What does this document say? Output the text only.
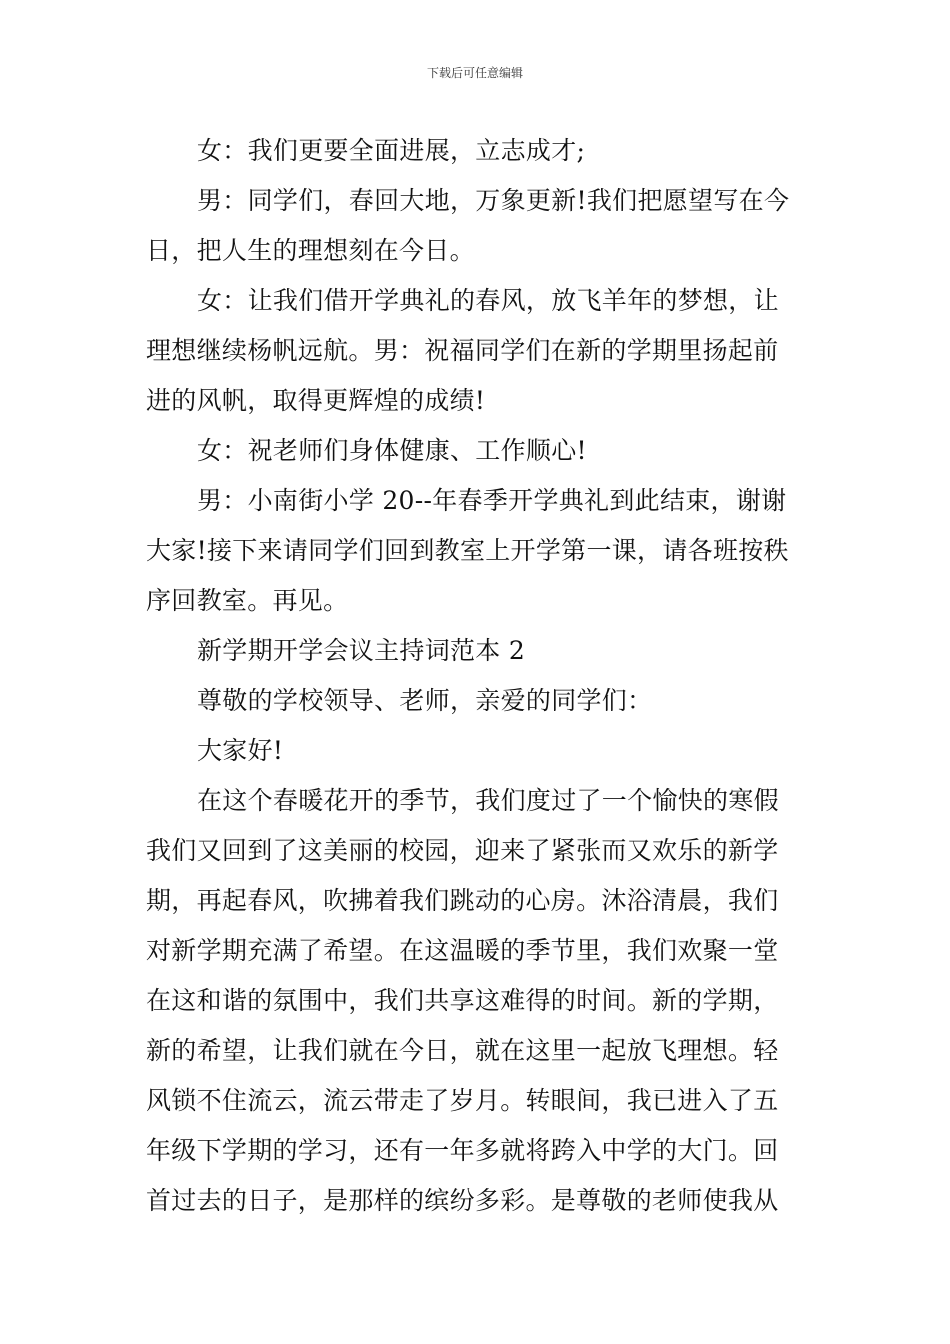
下载后可任意编辑
女：我们更要全面进展，立志成才;
男：同学们，春回大地，万象更新!我们把愿望写在今
日，把人生的理想刻在今日。
女：让我们借开学典礼的春风，放飞羊年的梦想，让
理想继续杨帆远航。男：祝福同学们在新的学期里扬起前
进的风帆，取得更辉煌的成绩!
女：祝老师们身体健康、工作顺心!
男：小南街小学 20--年春季开学典礼到此结束，谢谢
大家!接下来请同学们回到教室上开学第一课，请各班按秩
序回教室。再见。
新学期开学会议主持词范本 2
尊敬的学校领导、老师，亲爱的同学们：
大家好!
在这个春暖花开的季节，我们度过了一个愉快的寒假
我们又回到了这美丽的校园，迎来了紧张而又欢乐的新学
期，再起春风，吹拂着我们跳动的心房。沐浴清晨，我们
对新学期充满了希望。在这温暖的季节里，我们欢聚一堂
在这和谐的氛围中，我们共享这难得的时间。新的学期，
新的希望，让我们就在今日，就在这里一起放飞理想。轻
风锁不住流云，流云带走了岁月。转眼间，我已进入了五
年级下学期的学习，还有一年多就将跨入中学的大门。回
首过去的日子，是那样的缤纷多彩。是尊敬的老师使我从
